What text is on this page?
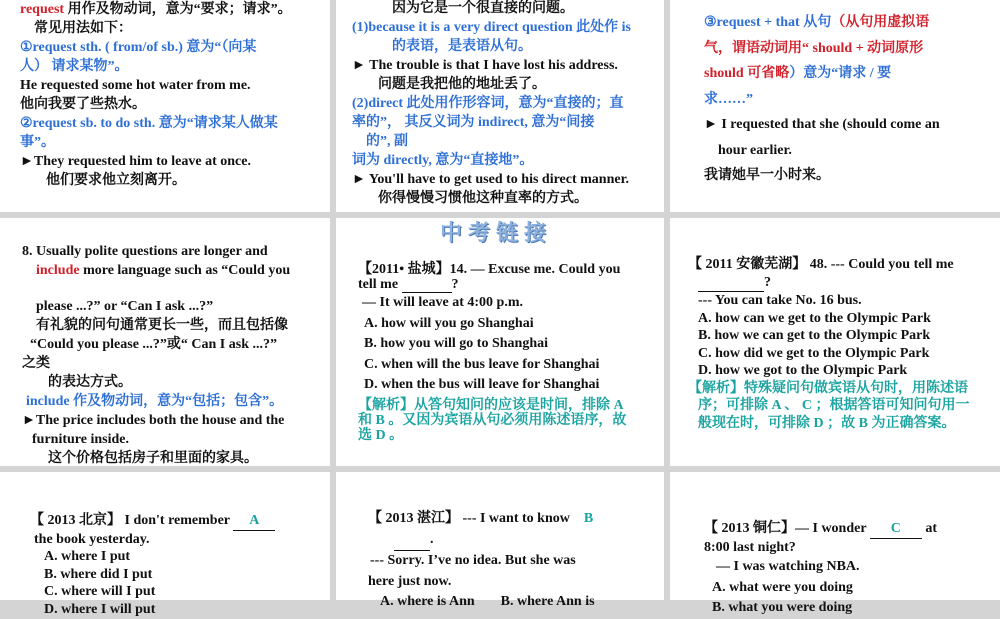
request 用作及物动词，意为“要求；请求”。
常见用法如下：
①request sth. ( from/of sb.) 意为“（向某
人） 请求某物”。
He requested some hot water from me.
他向我要了些热水。
②request sb. to do sth. 意为“请求某人做某
事”。
►They requested him to leave at once.
他们要求他立刻离开。
因为它是一个很直接的问题。
(1)because it is a very direct question 此处作 is
的表语，是表语从句。
► The trouble is that I have lost his address.
问题是我把他的地址丢了。
(2)direct 此处用作形容词，意为“直接的；直
率的”， 其反义词为 indirect, 意为“间接
的”, 副
词为 directly, 意为“直接地”。
► You'll have to get used to his direct manner.
你得慢慢习惯他这种直率的方式。
③request + that 从句（从句用虚拟语
气，谓语动词用“ should + 动词原形
should 可省略）意为“请求 / 要
求……”
► I requested that she (should come an
hour earlier.
我请她早一小时来。
8. Usually polite questions are longer and
include more language such as “Could you
please ...?” or “Can I ask ...?”
有礼貌的问句通常更长一些，而且包括像
“Could you please ...?”或“ Can I ask ...?”
之类
的表达方式。
include 作及物动词，意为“包括；包含”。
►The price includes both the house and the
furniture inside.
这个价格包括房子和里面的家具。
中考链接
【2011• 盐城】14. — Excuse me. Could you
tell me	?
— It will leave at 4:00 p.m.
A. how will you go Shanghai
B. how you will go to Shanghai
C. when will the bus leave for Shanghai
D. when the bus will leave for Shanghai
【解析】从答句知问的应该是时间，排除 A
和 B 。又因为宾语从句必须用陈述语序，故
选 D 。
【 2011 安徽芜湖】 48. --- Could you tell me
?
--- You can take No. 16 bus.
A. how can we get to the Olympic Park
B. how we can get to the Olympic Park
C. how did we get to the Olympic Park
D. how we got to the Olympic Park
【解析】特殊疑问句做宾语从句时，用陈述语
序；可排除 A 、 C ；根据答语可知问句用一
般现在时，可排除 D ；故 B 为正确答案。
【 2013 北京】 I don't remember A
the book yesterday.
A. where I put
B. where did I put
C. where will I put
D. where I will put
【 2013 湛江】 --- I want to know B
.
--- Sorry. I’ve no idea. But she was
here just now.
A. where is Ann B. where Ann is
【 2013 铜仁】— I wonder C at
8:00 last night?
— I was watching NBA.
A. what were you doing
B. what you were doing
